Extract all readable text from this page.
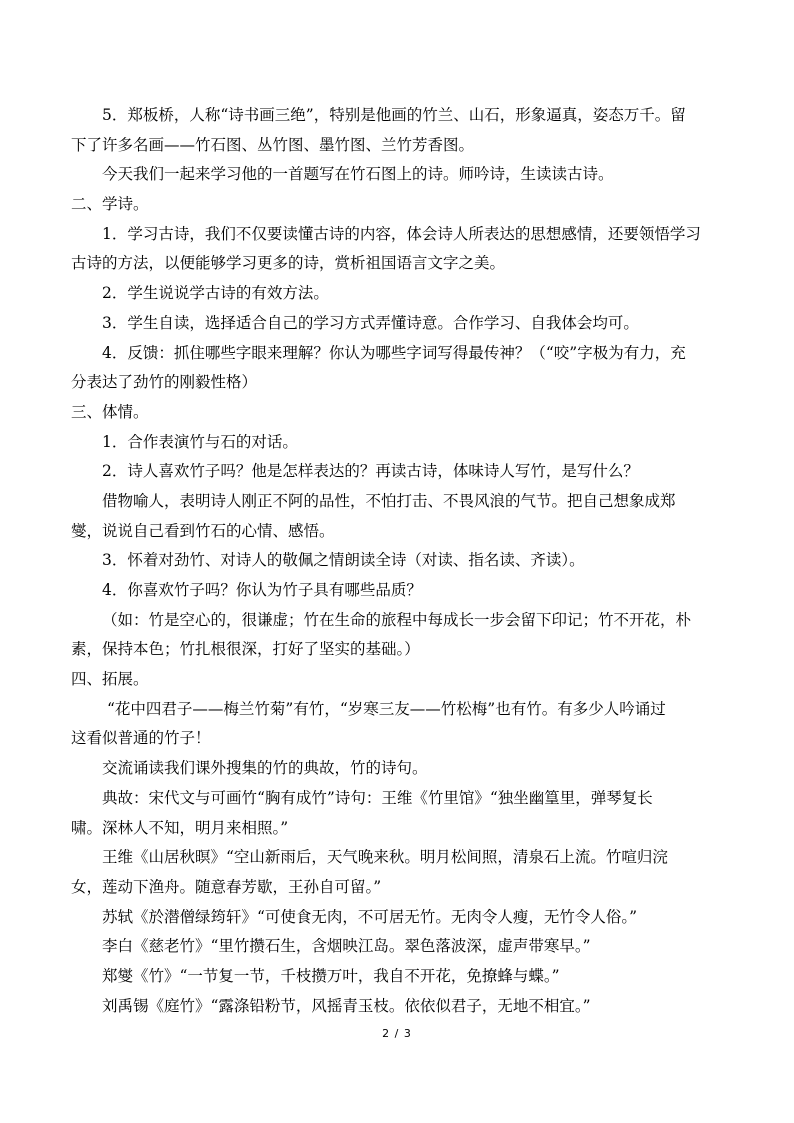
5．郑板桥，人称“诗书画三绝”，特别是他画的竹兰、山石，形象逼真，姿态万千。留
下了许多名画——竹石图、丛竹图、墨竹图、兰竹芳香图。
今天我们一起来学习他的一首题写在竹石图上的诗。师吟诗，生读读古诗。
二、学诗。
1．学习古诗，我们不仅要读懂古诗的内容，体会诗人所表达的思想感情，还要领悟学习
古诗的方法，以便能够学习更多的诗，赏析祖国语言文字之美。
2．学生说说学古诗的有效方法。
3．学生自读，选择适合自己的学习方式弄懂诗意。合作学习、自我体会均可。
4．反馈：抓住哪些字眼来理解？你认为哪些字词写得最传神？（“咬”字极为有力，充
分表达了劲竹的刚毅性格）
三、体情。
1．合作表演竹与石的对话。
2．诗人喜欢竹子吗？他是怎样表达的？再读古诗，体味诗人写竹，是写什么？
借物喻人，表明诗人刚正不阿的品性，不怕打击、不畏风浪的气节。把自己想象成郑
燮，说说自己看到竹石的心情、感悟。
3．怀着对劲竹、对诗人的敬佩之情朗读全诗（对读、指名读、齐读）。
4．你喜欢竹子吗？你认为竹子具有哪些品质？
（如：竹是空心的，很谦虚；竹在生命的旅程中每成长一步会留下印记；竹不开花，朴
素，保持本色；竹扎根很深，打好了坚实的基础。）
四、拓展。
“花中四君子——梅兰竹菊”有竹，“岁寒三友——竹松梅”也有竹。有多少人吟诵过
这看似普通的竹子！
交流诵读我们课外搜集的竹的典故，竹的诗句。
典故：宋代文与可画竹“胸有成竹”诗句：王维《竹里馆》“独坐幽篁里，弹琴复长
啸。深林人不知，明月来相照。”
王维《山居秋暝》“空山新雨后，天气晚来秋。明月松间照，清泉石上流。竹喧归浣
女，莲动下渔舟。随意春芳歇，王孙自可留。”
苏轼《於潜僧绿筠轩》“可使食无肉，不可居无竹。无肉令人瘦，无竹令人俗。”
李白《慈老竹》“里竹攒石生，含烟映江岛。翠色落波深，虚声带寒早。”
郑燮《竹》“一节复一节，千枝攒万叶，我自不开花，免撩蜂与蝶。”
刘禹锡《庭竹》“露涤铅粉节，风摇青玉枝。依依似君子，无地不相宜。”
2 / 3
